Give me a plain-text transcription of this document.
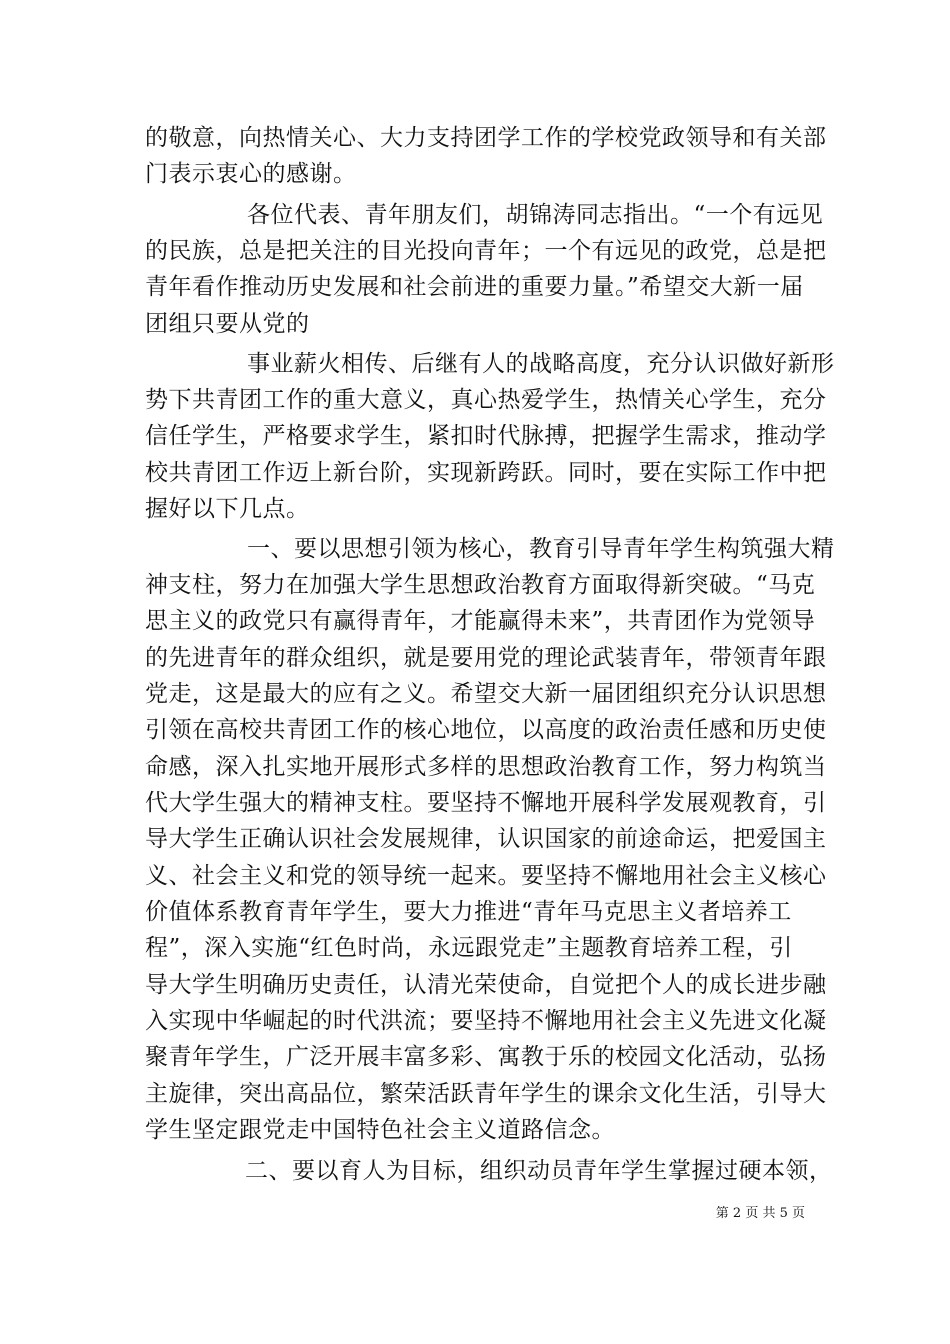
的敬意，向热情关心、大力支持团学工作的学校党政领导和有关部
门表示衷心的感谢。
各位代表、青年朋友们，胡锦涛同志指出。“一个有远见
的民族，总是把关注的目光投向青年；一个有远见的政党，总是把
青年看作推动历史发展和社会前进的重要力量。”希望交大新一届
团组只要从党的
事业薪火相传、后继有人的战略高度，充分认识做好新形
势下共青团工作的重大意义，真心热爱学生，热情关心学生，充分
信任学生，严格要求学生，紧扣时代脉搏，把握学生需求，推动学
校共青团工作迈上新台阶，实现新跨跃。同时，要在实际工作中把
握好以下几点。
一、要以思想引领为核心，教育引导青年学生构筑强大精
神支柱，努力在加强大学生思想政治教育方面取得新突破。“马克
思主义的政党只有赢得青年，才能赢得未来”，共青团作为党领导
的先进青年的群众组织，就是要用党的理论武装青年，带领青年跟
党走，这是最大的应有之义。希望交大新一届团组织充分认识思想
引领在高校共青团工作的核心地位，以高度的政治责任感和历史使
命感，深入扎实地开展形式多样的思想政治教育工作，努力构筑当
代大学生强大的精神支柱。要坚持不懈地开展科学发展观教育，引
导大学生正确认识社会发展规律，认识国家的前途命运，把爱国主
义、社会主义和党的领导统一起来。要坚持不懈地用社会主义核心
价值体系教育青年学生，要大力推进“青年马克思主义者培养工
程”，深入实施“红色时尚，永远跟党走”主题教育培养工程，引
导大学生明确历史责任，认清光荣使命，自觉把个人的成长进步融
入实现中华崛起的时代洪流；要坚持不懈地用社会主义先进文化凝
聚青年学生，广泛开展丰富多彩、寓教于乐的校园文化活动，弘扬
主旋律，突出高品位，繁荣活跃青年学生的课余文化生活，引导大
学生坚定跟党走中国特色社会主义道路信念。
二、要以育人为目标，组织动员青年学生掌握过硬本领，
第 2 页 共 5 页
